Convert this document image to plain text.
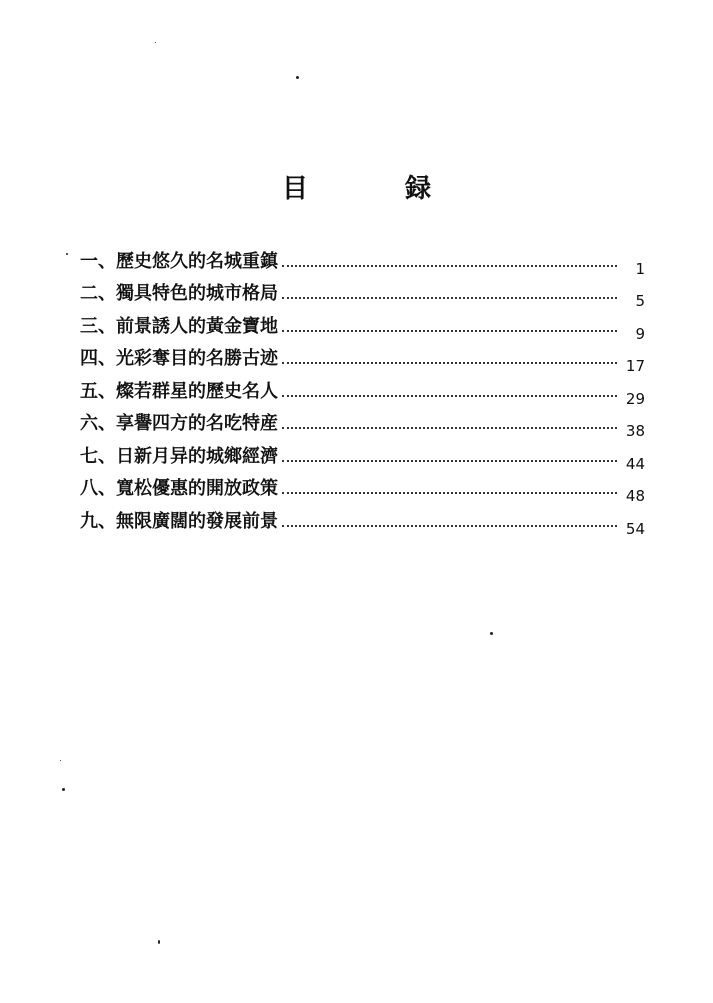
目 録
一、 歷史悠久的名城重鎮	1
二、 獨具特色的城市格局	5
三、 前景誘人的黃金寶地	9
四、 光彩奪目的名勝古迹	17
五、 燦若群星的歷史名人	29
六、 享譽四方的名吃特産	38
七、 日新月异的城鄉經濟	44
八、 寬松優惠的開放政策	48
九、 無限廣闊的發展前景	54
